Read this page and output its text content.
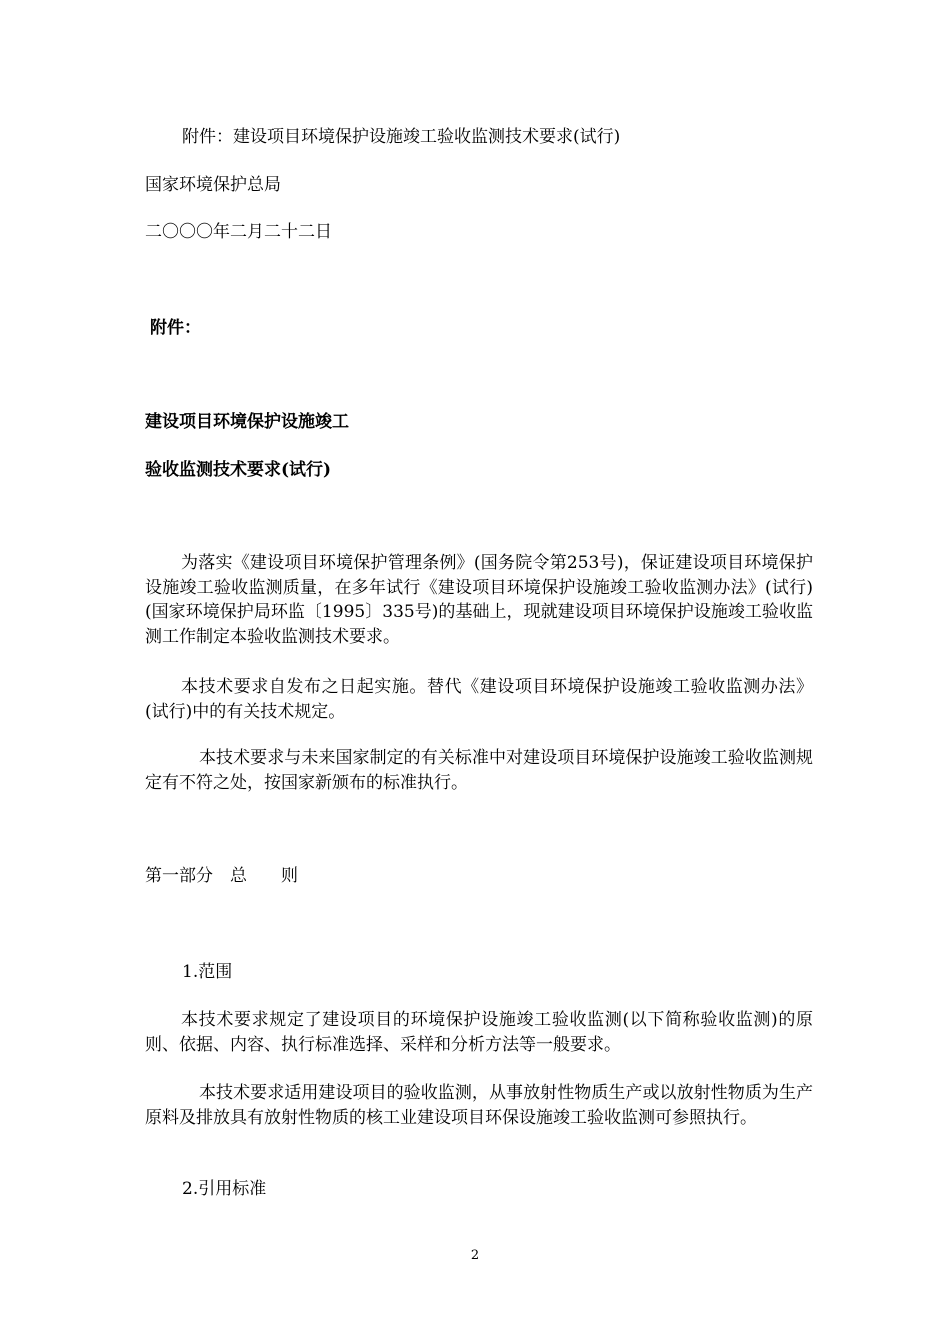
附件：建设项目环境保护设施竣工验收监测技术要求(试行)
国家环境保护总局
二〇〇〇年二月二十二日
附件：
建设项目环境保护设施竣工
验收监测技术要求(试行)
为落实《建设项目环境保护管理条例》(国务院令第253号)，保证建设项目环境保护设施竣工验收监测质量，在多年试行《建设项目环境保护设施竣工验收监测办法》(试行)(国家环境保护局环监〔1995〕335号)的基础上，现就建设项目环境保护设施竣工验收监测工作制定本验收监测技术要求。
本技术要求自发布之日起实施。替代《建设项目环境保护设施竣工验收监测办法》(试行)中的有关技术规定。
本技术要求与未来国家制定的有关标准中对建设项目环境保护设施竣工验收监测规定有不符之处，按国家新颁布的标准执行。
第一部分　总　　则
1.范围
本技术要求规定了建设项目的环境保护设施竣工验收监测(以下简称验收监测)的原则、依据、内容、执行标准选择、采样和分析方法等一般要求。
本技术要求适用建设项目的验收监测，从事放射性物质生产或以放射性物质为生产原料及排放具有放射性物质的核工业建设项目环保设施竣工验收监测可参照执行。
2.引用标准
2
